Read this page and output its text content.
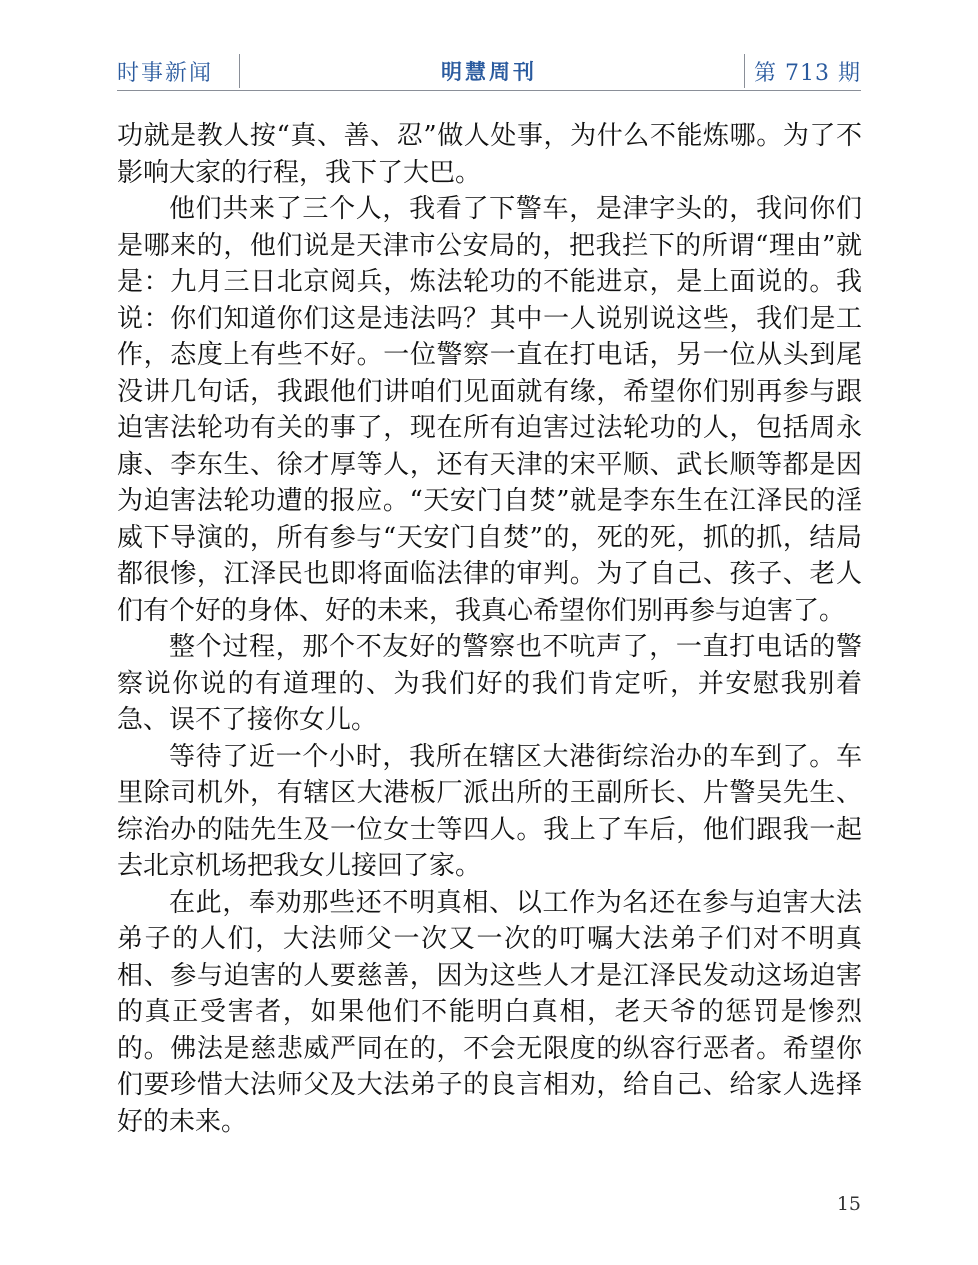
时事新闻	明慧周刊	第 713 期

功就是教人按“真、善、忍”做人处事，为什么不能炼哪。为了不影响大家的行程，我下了大巴。

他们共来了三个人，我看了下警车，是津字头的，我问你们是哪来的，他们说是天津市公安局的，把我拦下的所谓“理由”就是：九月三日北京阅兵，炼法轮功的不能进京，是上面说的。我说：你们知道你们这是违法吗？其中一人说别说这些，我们是工作，态度上有些不好。一位警察一直在打电话，另一位从头到尾没讲几句话，我跟他们讲咱们见面就有缘，希望你们别再参与跟迫害法轮功有关的事了，现在所有迫害过法轮功的人，包括周永康、李东生、徐才厚等人，还有天津的宋平顺、武长顺等都是因为迫害法轮功遭的报应。“天安门自焚”就是李东生在江泽民的淫威下导演的，所有参与“天安门自焚”的，死的死，抓的抓，结局都很惨，江泽民也即将面临法律的审判。为了自己、孩子、老人们有个好的身体、好的未来，我真心希望你们别再参与迫害了。

整个过程，那个不友好的警察也不吭声了，一直打电话的警察说你说的有道理的、为我们好的我们肯定听，并安慰我别着急、误不了接你女儿。

等待了近一个小时，我所在辖区大港街综治办的车到了。车里除司机外，有辖区大港板厂派出所的王副所长、片警吴先生、综治办的陆先生及一位女士等四人。我上了车后，他们跟我一起去北京机场把我女儿接回了家。

在此，奉劝那些还不明真相、以工作为名还在参与迫害大法弟子的人们，大法师父一次又一次的叮嘱大法弟子们对不明真相、参与迫害的人要慈善，因为这些人才是江泽民发动这场迫害的真正受害者，如果他们不能明白真相，老天爷的惩罚是惨烈的。佛法是慈悲威严同在的，不会无限度的纵容行恶者。希望你们要珍惜大法师父及大法弟子的良言相劝，给自己、给家人选择好的未来。

15
